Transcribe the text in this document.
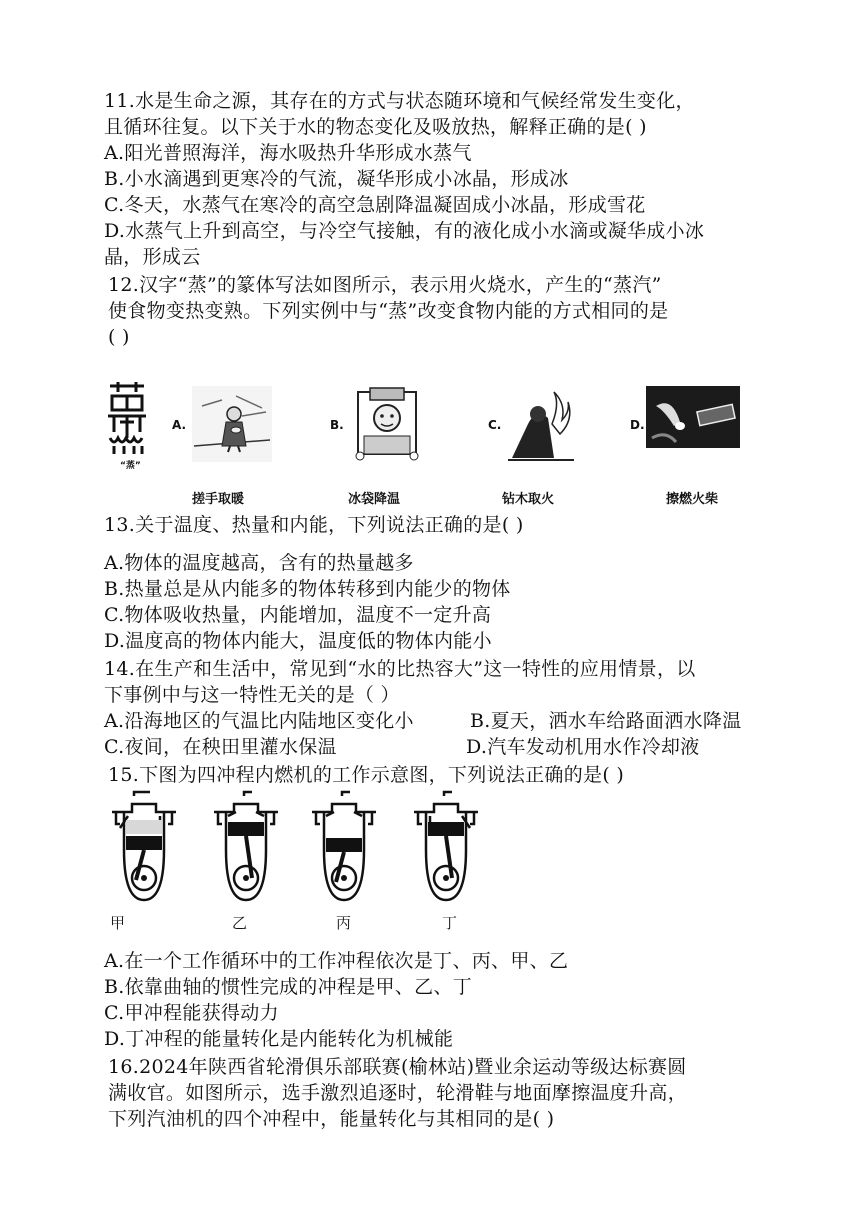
11.水是生命之源，其存在的方式与状态随环境和气候经常发生变化，
且循环往复。以下关于水的物态变化及吸放热，解释正确的是( )
A.阳光普照海洋，海水吸热升华形成水蒸气
B.小水滴遇到更寒冷的气流，凝华形成小冰晶，形成冰
C.冬天，水蒸气在寒冷的高空急剧降温凝固成小冰晶，形成雪花
D.水蒸气上升到高空，与冷空气接触，有的液化成小水滴或凝华成小冰
晶，形成云
12.汉字“蒸”的篆体写法如图所示，表示用火烧水，产生的“蒸汽”
使食物变热变熟。下列实例中与“蒸”改变食物内能的方式相同的是
( )
“蒸”
A.
搓手取暖
B.
冰袋降温
C.
钻木取火
D.
擦燃火柴
13.关于温度、热量和内能，下列说法正确的是( )
A.物体的温度越高，含有的热量越多
B.热量总是从内能多的物体转移到内能少的物体
C.物体吸收热量，内能增加，温度不一定升高
D.温度高的物体内能大，温度低的物体内能小
14.在生产和生活中，常见到“水的比热容大”这一特性的应用情景，以
下事例中与这一特性无关的是（ ）
A.沿海地区的气温比内陆地区变化小	B.夏天，洒水车给路面洒水降温
C.夜间，在秧田里灌水保温	D.汽车发动机用水作冷却液
15.下图为四冲程内燃机的工作示意图，下列说法正确的是( )
甲	乙	丙	丁
A.在一个工作循环中的工作冲程依次是丁、丙、甲、乙
B.依靠曲轴的惯性完成的冲程是甲、乙、丁
C.甲冲程能获得动力
D.丁冲程的能量转化是内能转化为机械能
16.2024年陕西省轮滑俱乐部联赛(榆林站)暨业余运动等级达标赛圆
满收官。如图所示，选手激烈追逐时，轮滑鞋与地面摩擦温度升高，
下列汽油机的四个冲程中，能量转化与其相同的是( )
